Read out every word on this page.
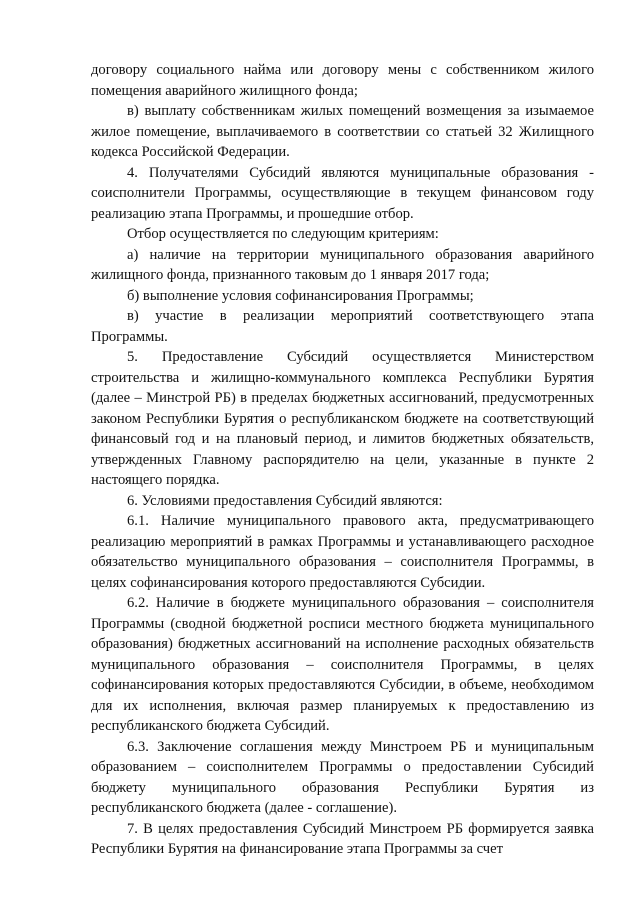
договору социального найма или договору мены с собственником жилого помещения аварийного жилищного фонда;

в) выплату собственникам жилых помещений возмещения за изымаемое жилое помещение, выплачиваемого в соответствии со статьей 32 Жилищного кодекса Российской Федерации.

4. Получателями Субсидий являются муниципальные образования - соисполнители Программы, осуществляющие в текущем финансовом году реализацию этапа Программы, и прошедшие отбор.

Отбор осуществляется по следующим критериям:

а) наличие на территории муниципального образования аварийного жилищного фонда, признанного таковым до 1 января 2017 года;

б) выполнение условия софинансирования Программы;

в) участие в реализации мероприятий соответствующего этапа Программы.

5. Предоставление Субсидий осуществляется Министерством строительства и жилищно-коммунального комплекса Республики Бурятия (далее – Минстрой РБ) в пределах бюджетных ассигнований, предусмотренных законом Республики Бурятия о республиканском бюджете на соответствующий финансовый год и на плановый период, и лимитов бюджетных обязательств, утвержденных Главному распорядителю на цели, указанные в пункте 2 настоящего порядка.

6. Условиями предоставления Субсидий являются:

6.1. Наличие муниципального правового акта, предусматривающего реализацию мероприятий в рамках Программы и устанавливающего расходное обязательство муниципального образования – соисполнителя Программы, в целях софинансирования которого предоставляются Субсидии.

6.2. Наличие в бюджете муниципального образования – соисполнителя Программы (сводной бюджетной росписи местного бюджета муниципального образования) бюджетных ассигнований на исполнение расходных обязательств муниципального образования – соисполнителя Программы, в целях софинансирования которых предоставляются Субсидии, в объеме, необходимом для их исполнения, включая размер планируемых к предоставлению из республиканского бюджета Субсидий.

6.3. Заключение соглашения между Минстроем РБ и муниципальным образованием – соисполнителем Программы о предоставлении Субсидий бюджету муниципального образования Республики Бурятия из республиканского бюджета (далее - соглашение).

7. В целях предоставления Субсидий Минстроем РБ формируется заявка Республики Бурятия на финансирование этапа Программы за счет
